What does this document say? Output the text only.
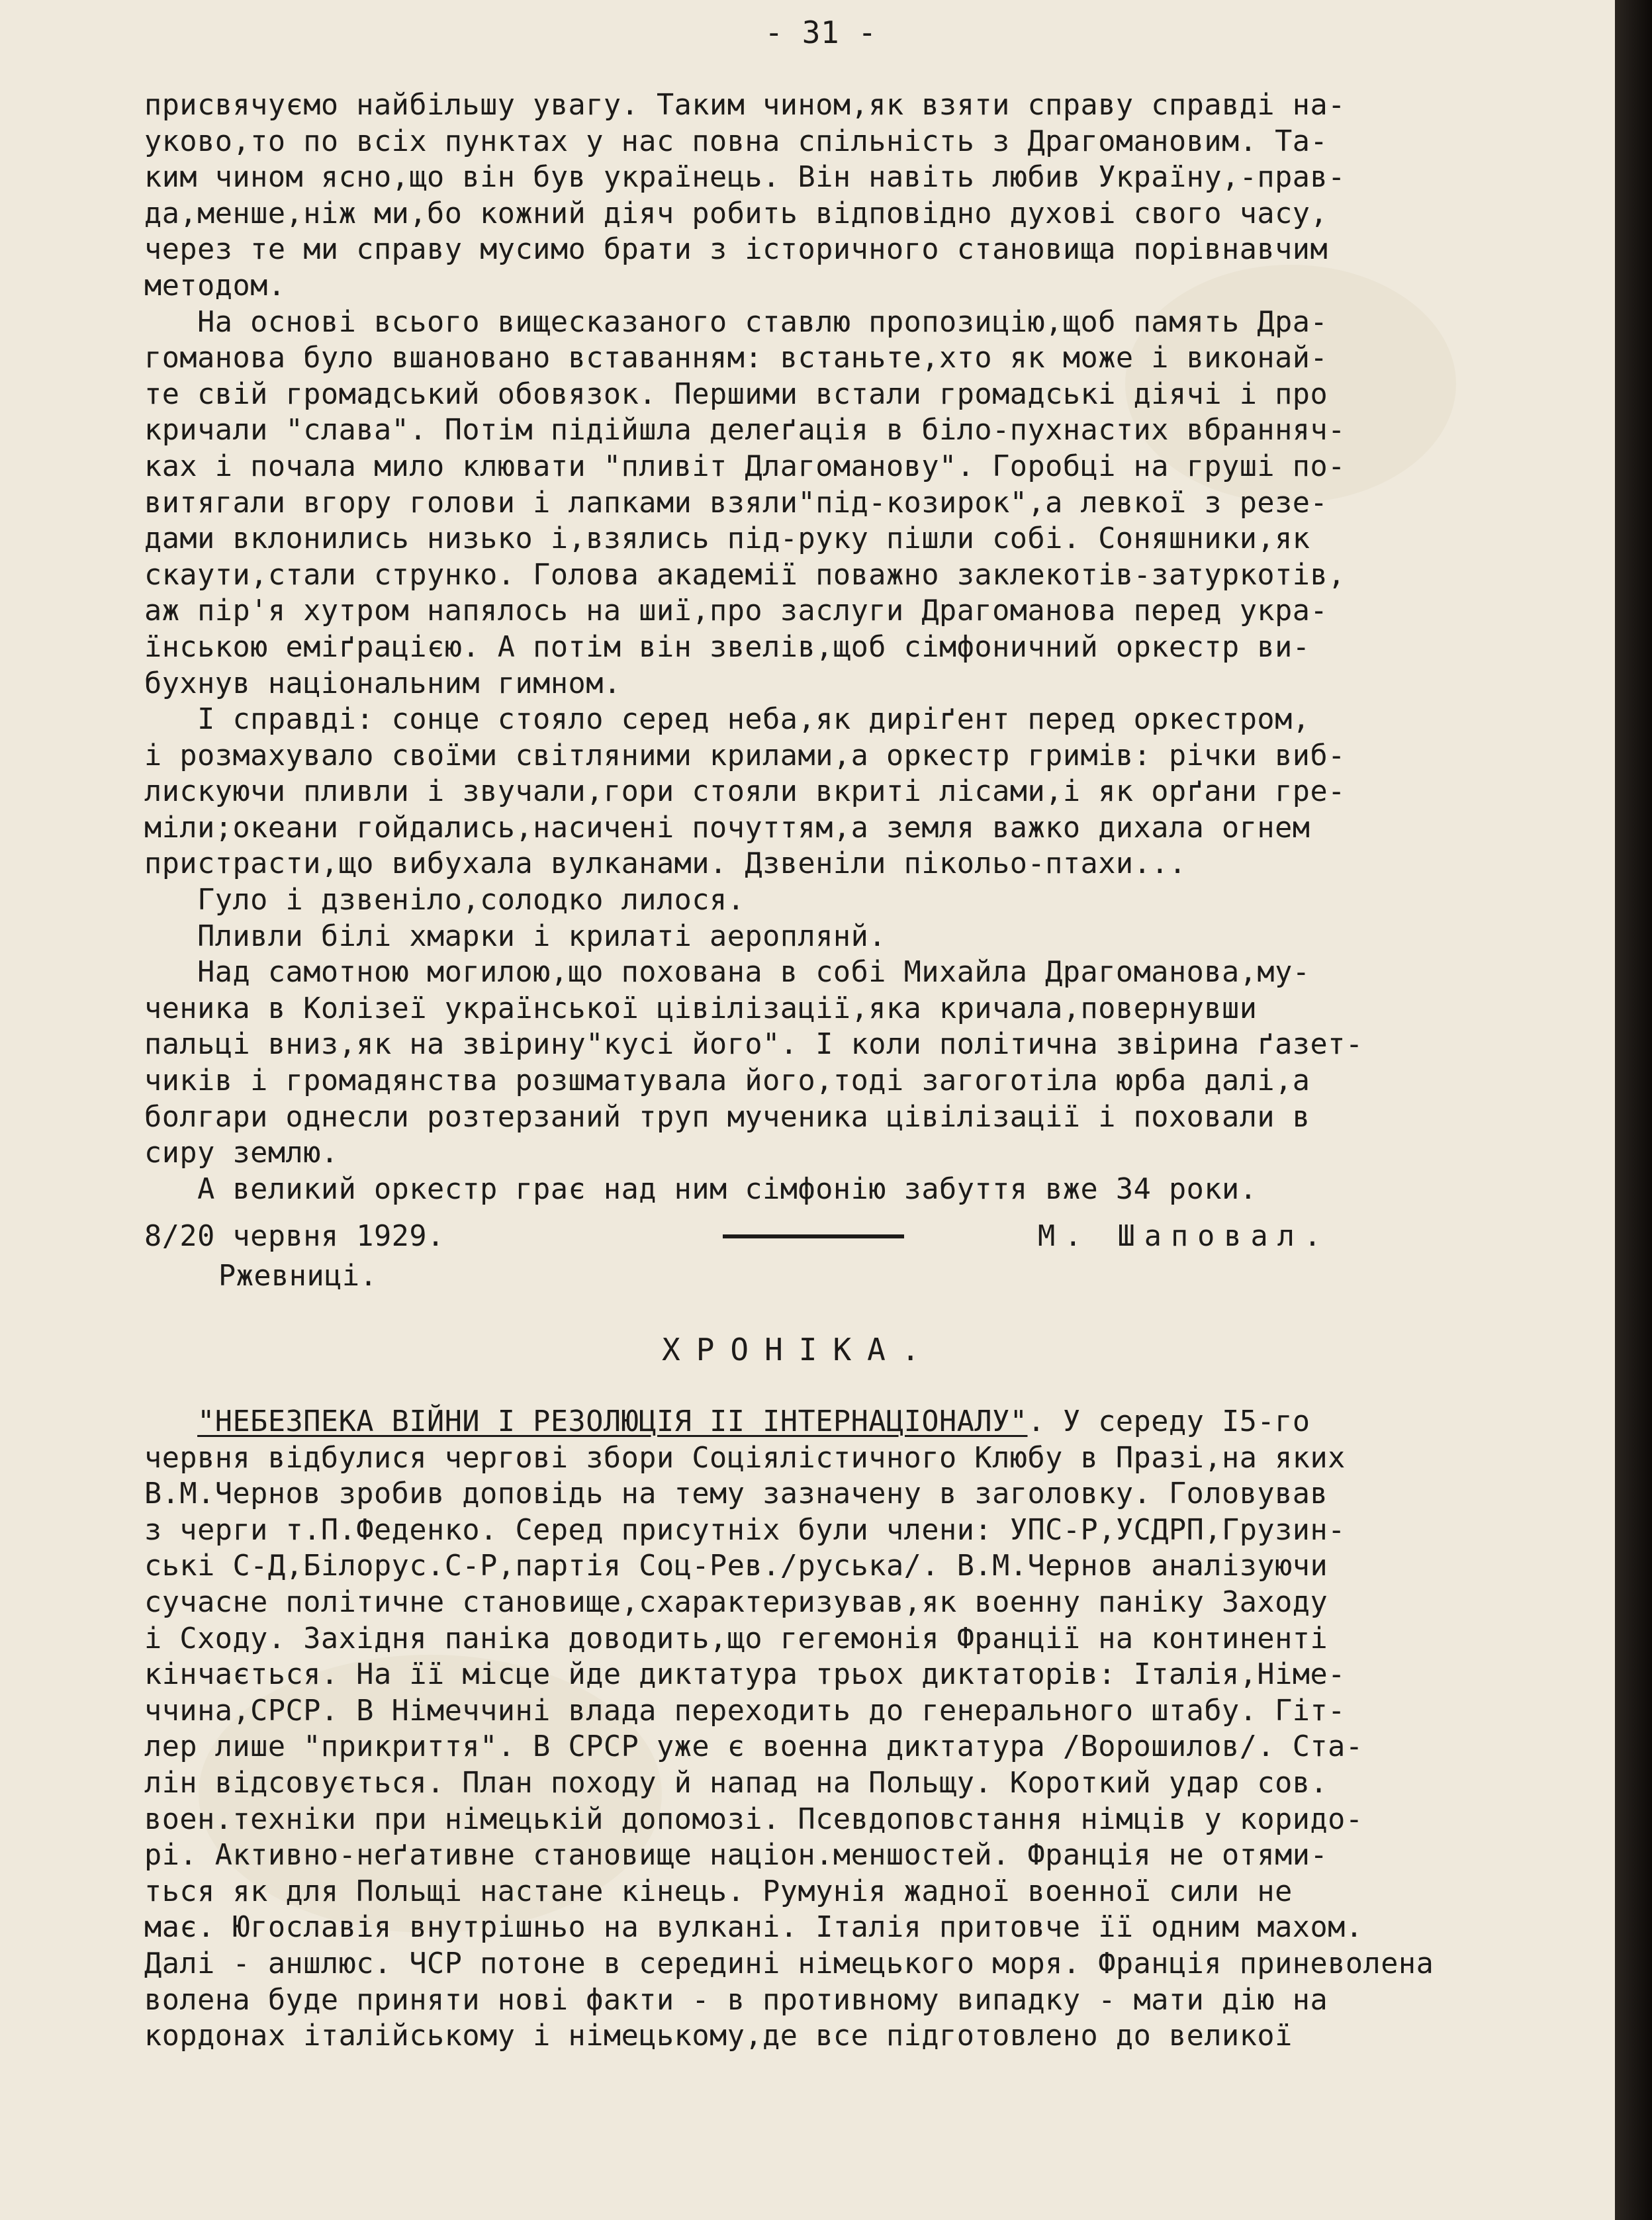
- 31 -
присвячуємо найбільшу увагу. Таким чином,як взяти справу справді на-
уково,то по всіх пунктах у нас повна спільність з Драгомановим. Та-
ким чином ясно,що він був українець. Він навіть любив Україну,-прав-
да,менше,ніж ми,бо кожний діяч робить відповідно духові свого часу,
через те ми справу мусимо брати з історичного становища порівнавчим
методом.
На основі всього вищесказаного ставлю пропозицію,щоб память Дра-
гоманова було вшановано вставанням: встаньте,хто як може і виконай-
те свій громадський обовязок. Першими встали громадські діячі і про
кричали "слава". Потім підійшла делеґація в біло-пухнастих вбранняч-
ках і почала мило клювати "пливіт Длагоманову". Горобці на груші по-
витягали вгору голови і лапками взяли"під-козирок",а левкої з резе-
дами вклонились низько і,взялись під-руку пішли собі. Соняшники,як
скаути,стали струнко. Голова академії поважно заклекотів-затуркотів,
аж пір'я хутром напялось на шиї,про заслуги Драгоманова перед укра-
їнською еміґрацією. А потім він звелів,щоб сімфоничний оркестр ви-
бухнув національним гимном.
І справді: сонце стояло серед неба,як диріґент перед оркестром,
і розмахувало своїми світляними крилами,а оркестр гримів: річки виб-
лискуючи пливли і звучали,гори стояли вкриті лісами,і як орґани гре-
міли;океани гойдались,насичені почуттям,а земля важко дихала огнем
пристрасти,що вибухала вулканами. Дзвеніли пікольо-птахи...
Гуло і дзвеніло,солодко лилося.
Пливли білі хмарки і крилаті аероплянй.
Над самотною могилою,що похована в собі Михайла Драгоманова,му-
ченика в Колізеї української цівілізації,яка кричала,повернувши
пальці вниз,як на звірину"кусі його". І коли політична звірина ґазет-
чиків і громадянства розшматувала його,тоді загоготіла юрба далі,а
болгари однесли розтерзаний труп мученика цівілізації і поховали в
сиру землю.
А великий оркестр грає над ним сімфонію забуття вже 34 роки.
8/20 червня 1929.	М. Шаповал.
Ржевниці.
ХРОНІКА.
"НЕБЕЗПЕКА ВІЙНИ І РЕЗОЛЮЦІЯ ІІ ІНТЕРНАЦІОНАЛУ". У середу І5-го
червня відбулися чергові збори Соціялістичного Клюбу в Празі,на яких
В.М.Чернов зробив доповідь на тему зазначену в заголовку. Головував
з черги т.П.Феденко. Серед присутніх були члени: УПС-Р,УСДРП,Грузин-
ські С-Д,Білорус.С-Р,партія Соц-Рев./руська/. В.М.Чернов аналізуючи
сучасне політичне становище,схарактеризував,як военну паніку Заходу
і Сходу. Західня паніка доводить,що гегемонія Франції на континенті
кінчається. На її місце йде диктатура трьох диктаторів: Італія,Німе-
ччина,СРСР. В Німеччині влада переходить до генерального штабу. Гіт-
лер лише "прикриття". В СРСР уже є военна диктатура /Ворошилов/. Ста-
лін відсовується. План походу й напад на Польщу. Короткий удар сов.
воен.техніки при німецькій допомозі. Псевдоповстання німців у коридо-
рі. Активно-неґативне становище націон.меншостей. Франція не отями-
ться як для Польщі настане кінець. Румунія жадної военної сили не
має. Югославія внутрішньо на вулкані. Італія притовче її одним махом.
Далі - аншлюс. ЧСР потоне в середині німецького моря. Франція приневолена
волена буде приняти нові факти - в противному випадку - мати дію на
кордонах італійському і німецькому,де все підготовлено до великої
